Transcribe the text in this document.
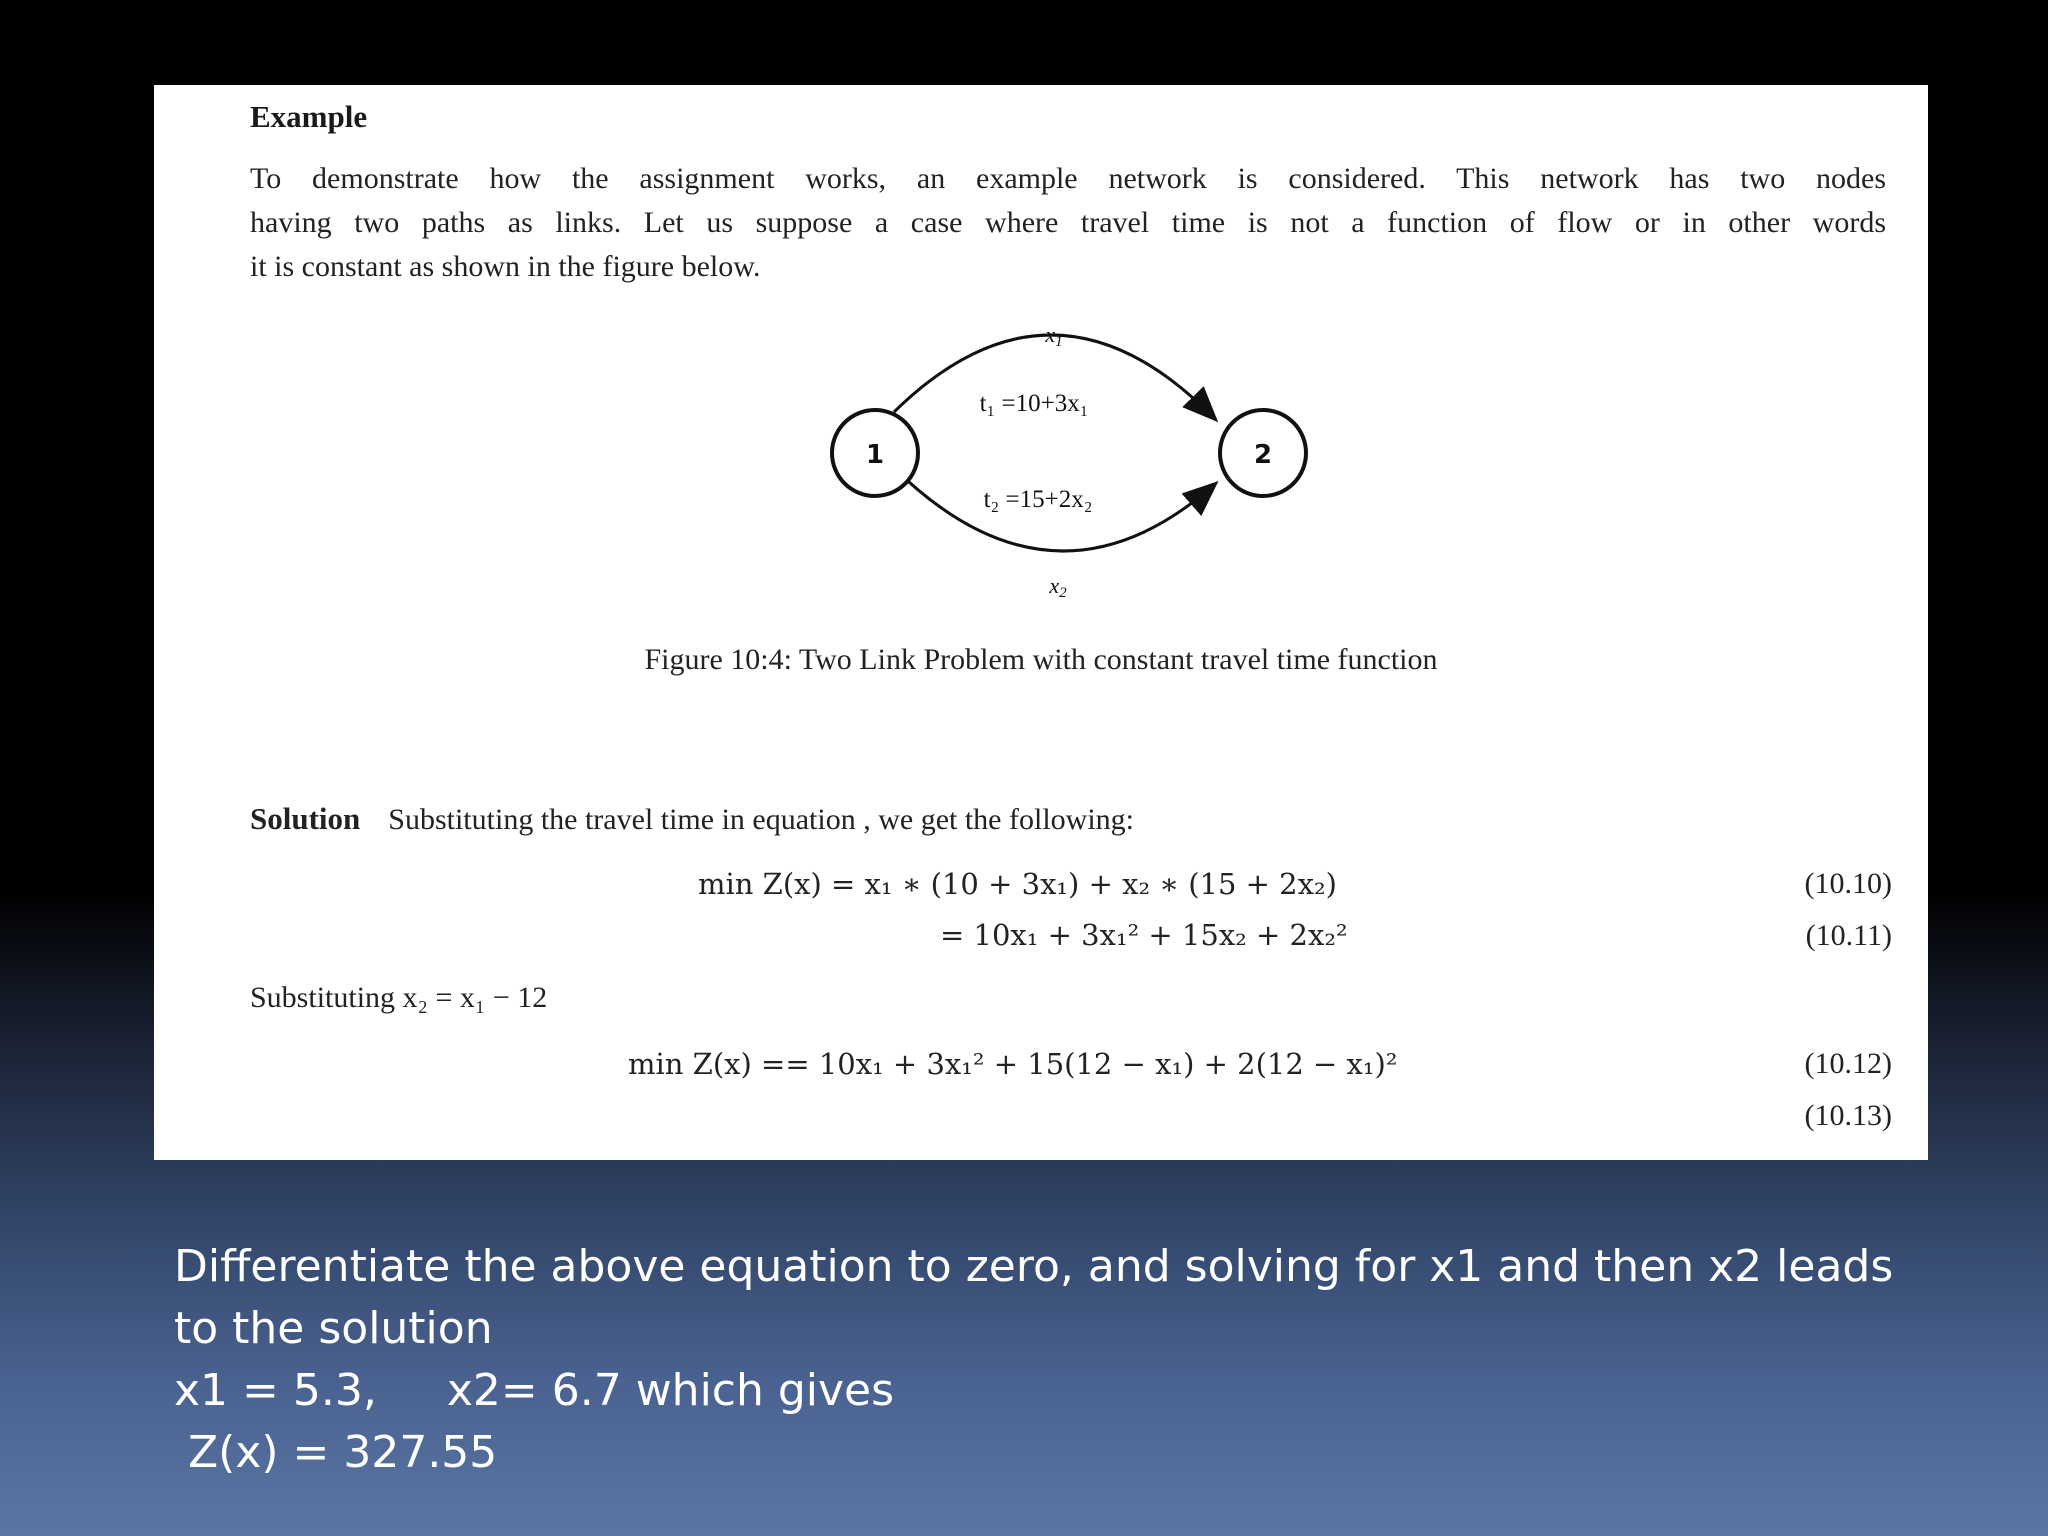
Example
To demonstrate how the assignment works, an example network is considered. This network has two nodes
having two paths as links. Let us suppose a case where travel time is not a function of flow or in other words
it is constant as shown in the figure below.
1	2
x1
x2
t₁ =10+3x₁
t₂ =15+2x₂
Figure 10:4: Two Link Problem with constant travel time function
Solution Substituting the travel time in equation , we get the following:
min Z(x) = x₁ ∗ (10 + 3x₁) + x₂ ∗ (15 + 2x₂)	(10.10)
= 10x₁ + 3x₁² + 15x₂ + 2x₂²	(10.11)
Substituting x₂ = x₁ − 12
min Z(x) == 10x₁ + 3x₁² + 15(12 − x₁) + 2(12 − x₁)²	(10.12)
(10.13)
Differentiate the above equation to zero, and solving for x1 and then x2 leads
to the solution
x1 = 5.3, x2= 6.7 which gives
Z(x) = 327.55
